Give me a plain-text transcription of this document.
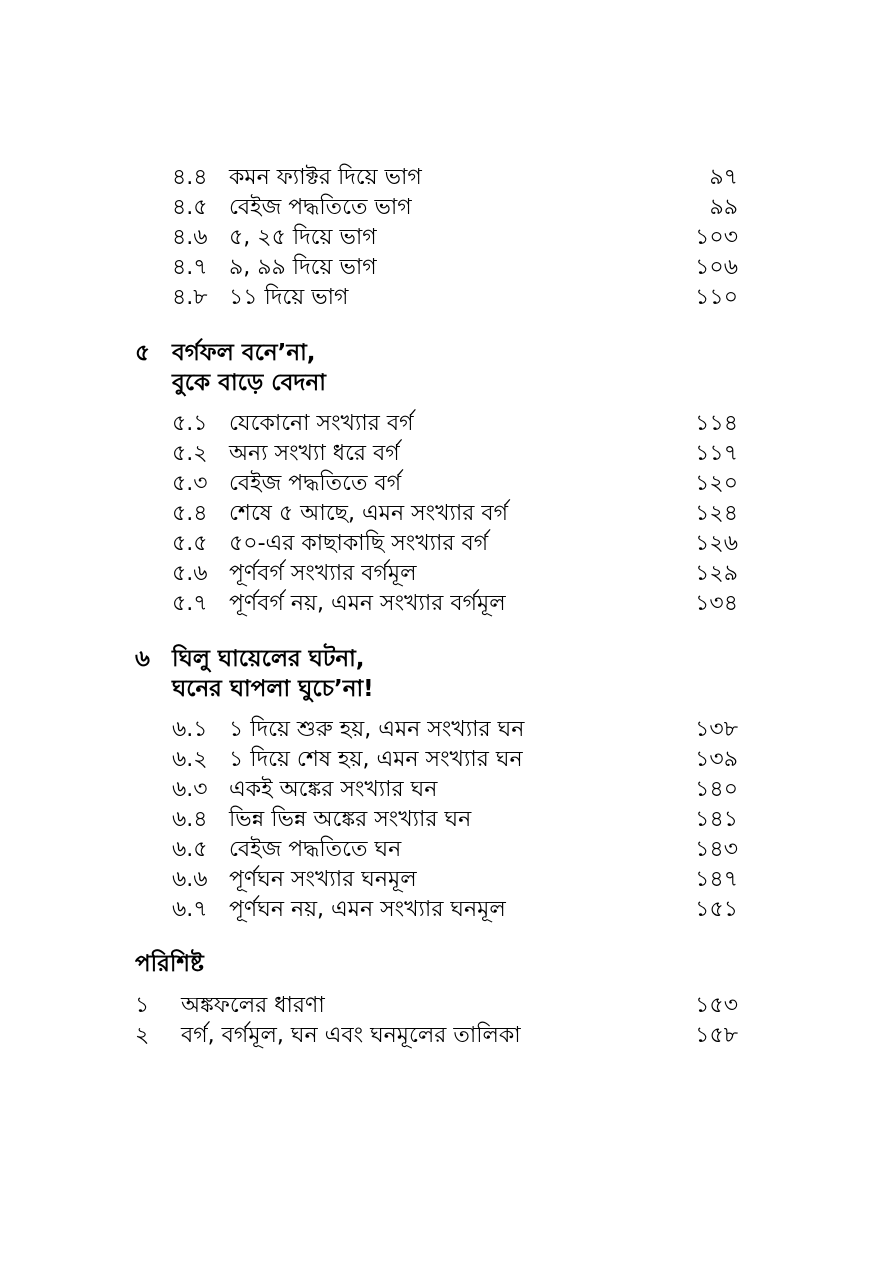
৪.৪ কমন ফ্যাক্টর দিয়ে ভাগ	৯৭
৪.৫ বেইজ পদ্ধতিতে ভাগ	৯৯
৪.৬ ৫, ২৫ দিয়ে ভাগ	১০৩
৪.৭ ৯, ৯৯ দিয়ে ভাগ	১০৬
৪.৮ ১১ দিয়ে ভাগ	১১০
৫ বর্গফল বনে’না,
বুকে বাড়ে বেদনা
৫.১ যেকোনো সংখ্যার বর্গ	১১৪
৫.২ অন্য সংখ্যা ধরে বর্গ	১১৭
৫.৩ বেইজ পদ্ধতিতে বর্গ	১২০
৫.৪ শেষে ৫ আছে, এমন সংখ্যার বর্গ	১২৪
৫.৫ ৫০-এর কাছাকাছি সংখ্যার বর্গ	১২৬
৫.৬ পূর্ণবর্গ সংখ্যার বর্গমূল	১২৯
৫.৭ পূর্ণবর্গ নয়, এমন সংখ্যার বর্গমূল	১৩৪
৬ ঘিলু ঘায়েলের ঘটনা,
ঘনের ঘাপলা ঘুচে’না!
৬.১ ১ দিয়ে শুরু হয়, এমন সংখ্যার ঘন	১৩৮
৬.২ ১ দিয়ে শেষ হয়, এমন সংখ্যার ঘন	১৩৯
৬.৩ একই অঙ্কের সংখ্যার ঘন	১৪০
৬.৪ ভিন্ন ভিন্ন অঙ্কের সংখ্যার ঘন	১৪১
৬.৫ বেইজ পদ্ধতিতে ঘন	১৪৩
৬.৬ পূর্ণঘন সংখ্যার ঘনমূল	১৪৭
৬.৭ পূর্ণঘন নয়, এমন সংখ্যার ঘনমূল	১৫১
পরিশিষ্ট
১ অঙ্কফলের ধারণা	১৫৩
২ বর্গ, বর্গমূল, ঘন এবং ঘনমূলের তালিকা	১৫৮
